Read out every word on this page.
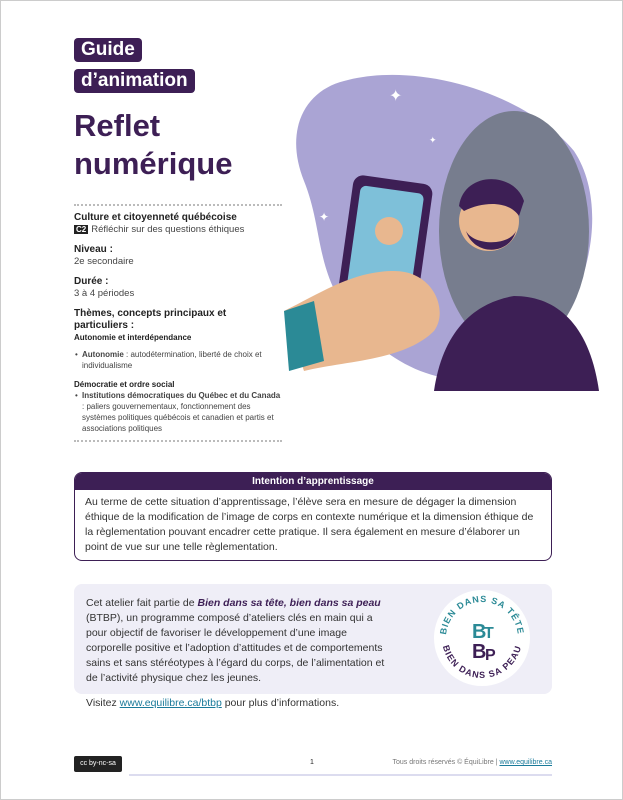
Guide
d’animation
Reflet
numérique
Culture et citoyenneté québécoise
C2 Réfléchir sur des questions éthiques
Niveau :
2e secondaire
Durée :
3 à 4 périodes
Thèmes, concepts principaux et particuliers :
Autonomie et interdépendance
• Autonomie : autodétermination, liberté de choix et individualisme
Démocratie et ordre social
• Institutions démocratiques du Québec et du Canada : paliers gouvernementaux, fonctionnement des systèmes politiques québécois et canadien et partis et associations politiques
✦
✦
✦
Intention d’apprentissage
Au terme de cette situation d’apprentissage, l’élève sera en mesure de dégager la dimension éthique de la modification de l’image de corps en contexte numérique et la dimension éthique de la règlementation pouvant encadrer cette pratique. Il sera également en mesure d’élaborer un point de vue sur une telle règlementation.

Cet atelier fait partie de Bien dans sa tête, bien dans sa peau (BTBP), un programme composé d’ateliers clés en main qui a pour objectif de favoriser le développement d’une image corporelle positive et l’adoption d’attitudes et de comportements sains et sans stéréotypes à l’égard du corps, de l’alimentation et de l’activité physique chez les jeunes.

Visitez www.equilibre.ca/btbp pour plus d’informations.

BIEN DANS SA TÊTE
BIEN DANS SA PEAU
B
T
B
P
cc by-nc-sa	1	Tous droits réservés © ÉquiLibre | www.equilibre.ca
